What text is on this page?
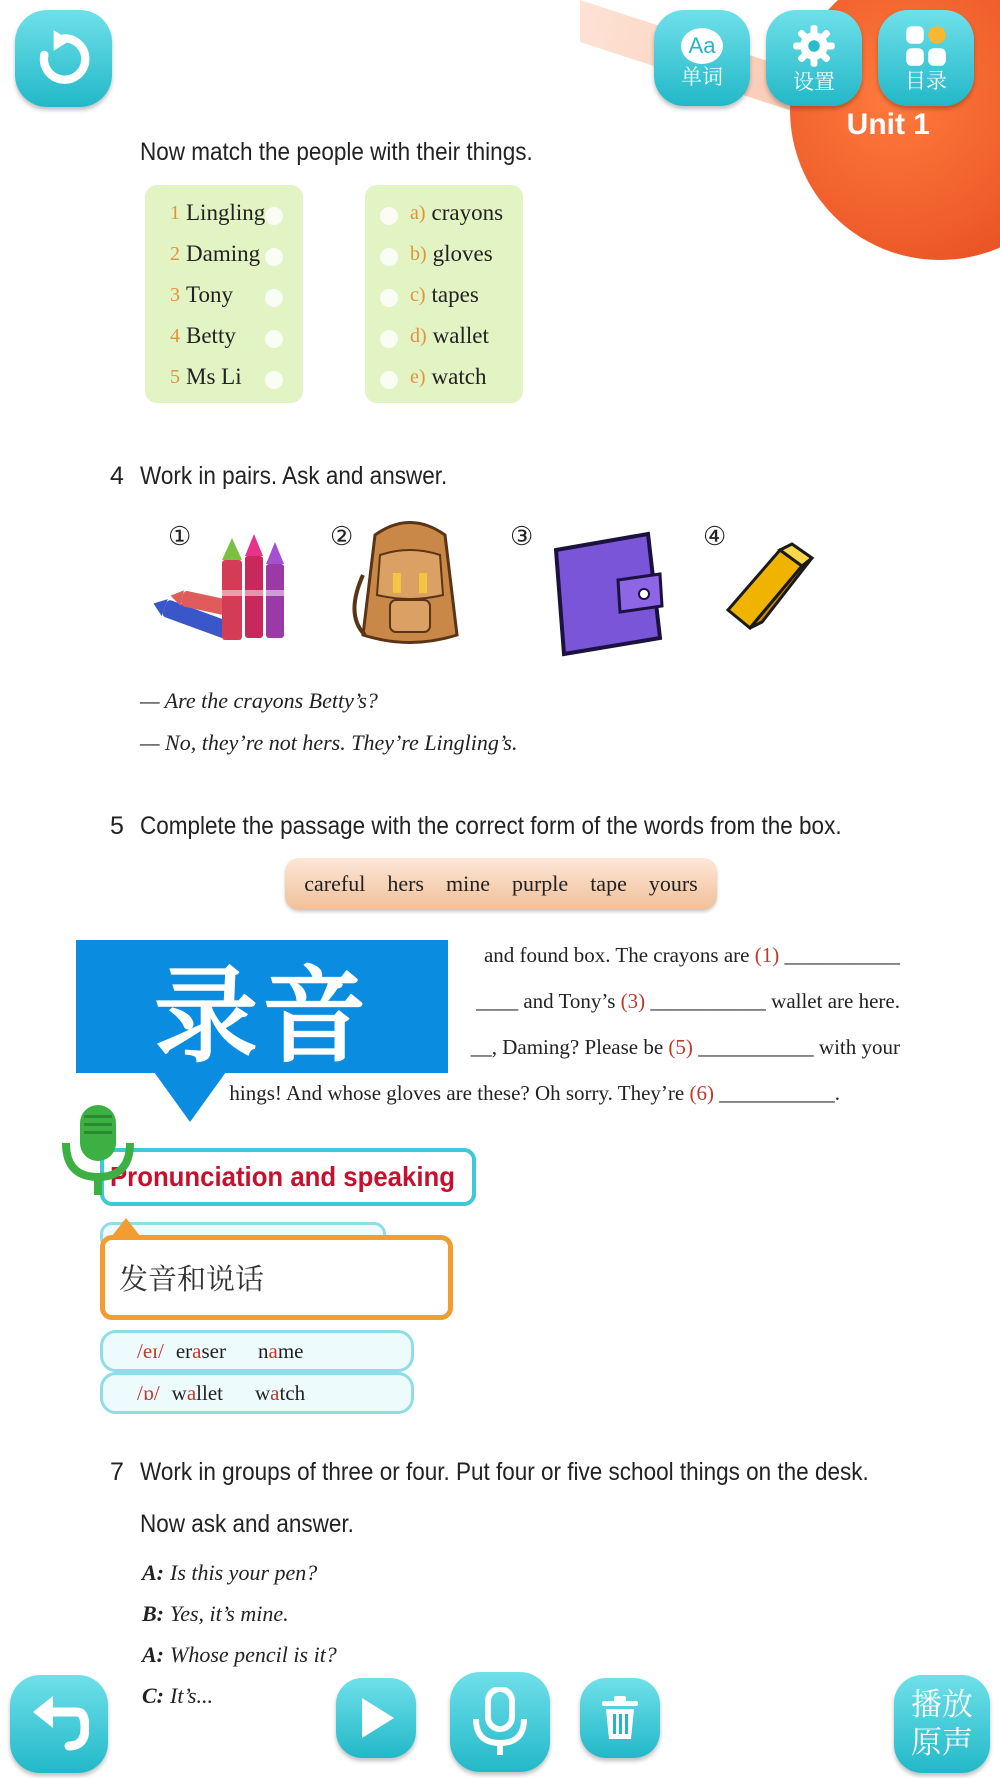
Unit 1
Aa
单词	设置	目录
Now match the people with their things.
1 Lingling
2 Daming
3 Tony
4 Betty
5 Ms Li
a) crayons
b) gloves
c) tapes
d) wallet
e) watch
4 Work in pairs. Ask and answer.
①	②	③	④
— Are the crayons Betty’s?
— No, they’re not hers. They’re Lingling’s.
5 Complete the passage with the correct form of the words from the box.
careful hers mine purple tape yours
and found box. The crayons are (1) ___________
____ and Tony’s (3) ___________ wallet are here.
__, Daming? Please be (5) ___________ with your
hings! And whose gloves are these? Oh sorry. They’re (6) ___________.
录音
Pronunciation and speaking
发音和说话
/eɪ/ eraser name
/ɒ/ wallet watch
7 Work in groups of three or four. Put four or five school things on the desk.
Now ask and answer.
A: Is this your pen?
B: Yes, it’s mine.
A: Whose pencil is it?
C: It’s...	播放
原声
